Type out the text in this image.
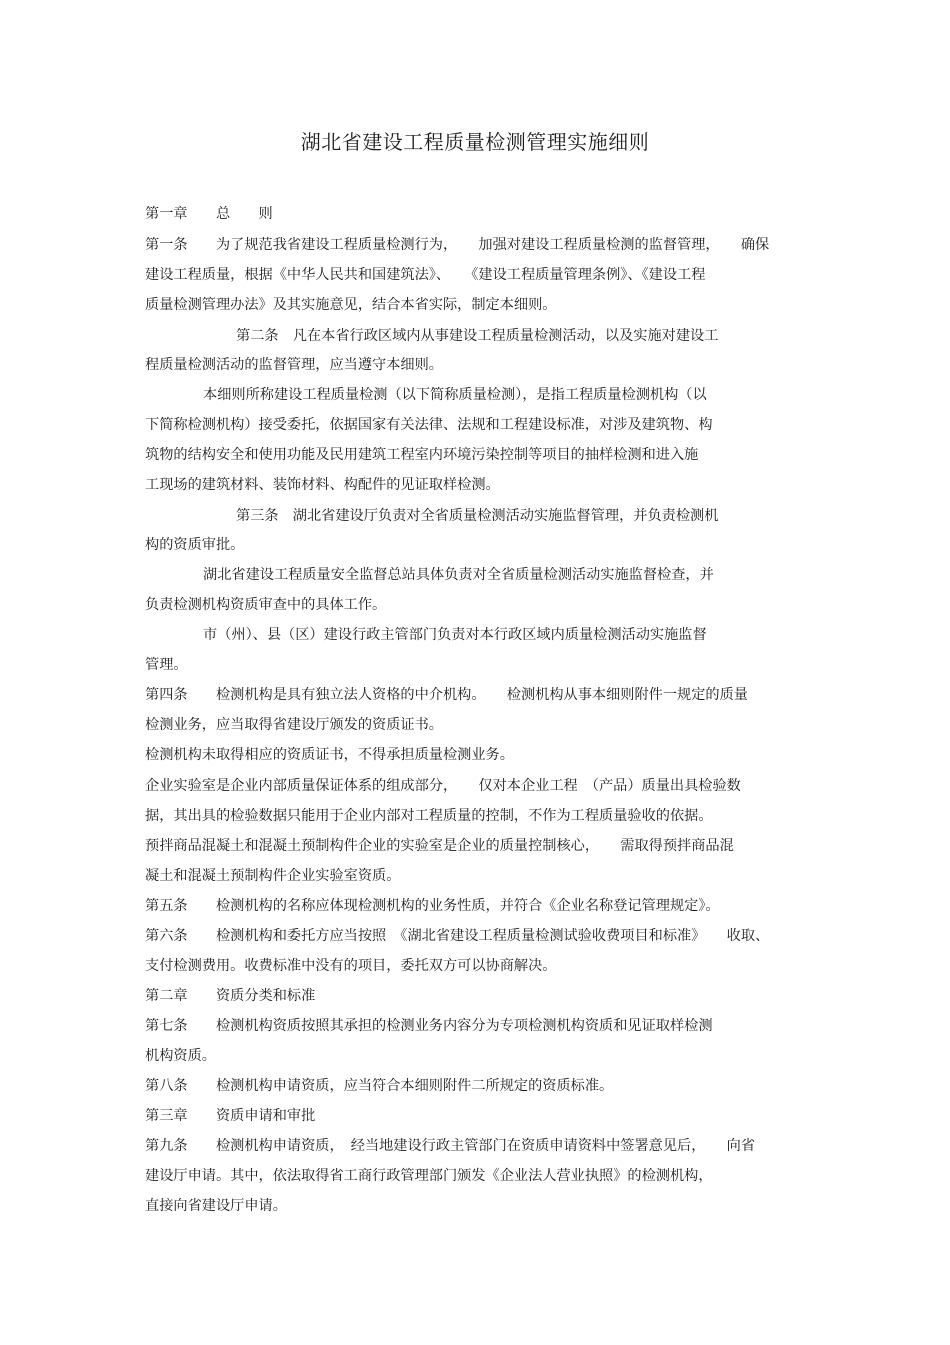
湖北省建设工程质量检测管理实施细则
第一章　　总　　则
第一条　　为了规范我省建设工程质量检测行为，　　加强对建设工程质量检测的监督管理，　　确保
建设工程质量，根据《中华人民共和国建筑法》、　　《建设工程质量管理条例》、《建设工程
质量检测管理办法》及其实施意见，结合本省实际，制定本细则。
第二条　凡在本省行政区域内从事建设工程质量检测活动，以及实施对建设工
程质量检测活动的监督管理，应当遵守本细则。
本细则所称建设工程质量检测（以下简称质量检测），是指工程质量检测机构（以
下简称检测机构）接受委托，依据国家有关法律、法规和工程建设标准，对涉及建筑物、构
筑物的结构安全和使用功能及民用建筑工程室内环境污染控制等项目的抽样检测和进入施
工现场的建筑材料、装饰材料、构配件的见证取样检测。
第三条　湖北省建设厅负责对全省质量检测活动实施监督管理，并负责检测机
构的资质审批。
湖北省建设工程质量安全监督总站具体负责对全省质量检测活动实施监督检查，并
负责检测机构资质审查中的具体工作。
市（州）、县（区）建设行政主管部门负责对本行政区域内质量检测活动实施监督
管理。
第四条　　检测机构是具有独立法人资格的中介机构。　　检测机构从事本细则附件一规定的质量
检测业务，应当取得省建设厅颁发的资质证书。
检测机构未取得相应的资质证书，不得承担质量检测业务。
企业实验室是企业内部质量保证体系的组成部分，　　仅对本企业工程　（产品）质量出具检验数
据，其出具的检验数据只能用于企业内部对工程质量的控制，不作为工程质量验收的依据。
预拌商品混凝土和混凝土预制构件企业的实验室是企业的质量控制核心，　　需取得预拌商品混
凝土和混凝土预制构件企业实验室资质。
第五条　　检测机构的名称应体现检测机构的业务性质，并符合《企业名称登记管理规定》。
第六条　　检测机构和委托方应当按照　《湖北省建设工程质量检测试验收费项目和标准》　　收取、
支付检测费用。收费标准中没有的项目，委托双方可以协商解决。
第二章　　资质分类和标准
第七条　　检测机构资质按照其承担的检测业务内容分为专项检测机构资质和见证取样检测
机构资质。
第八条　　检测机构申请资质，应当符合本细则附件二所规定的资质标准。
第三章　　资质申请和审批
第九条　　检测机构申请资质，　经当地建设行政主管部门在资质申请资料中签署意见后，　　向省
建设厅申请。其中，依法取得省工商行政管理部门颁发《企业法人营业执照》的检测机构，
直接向省建设厅申请。
